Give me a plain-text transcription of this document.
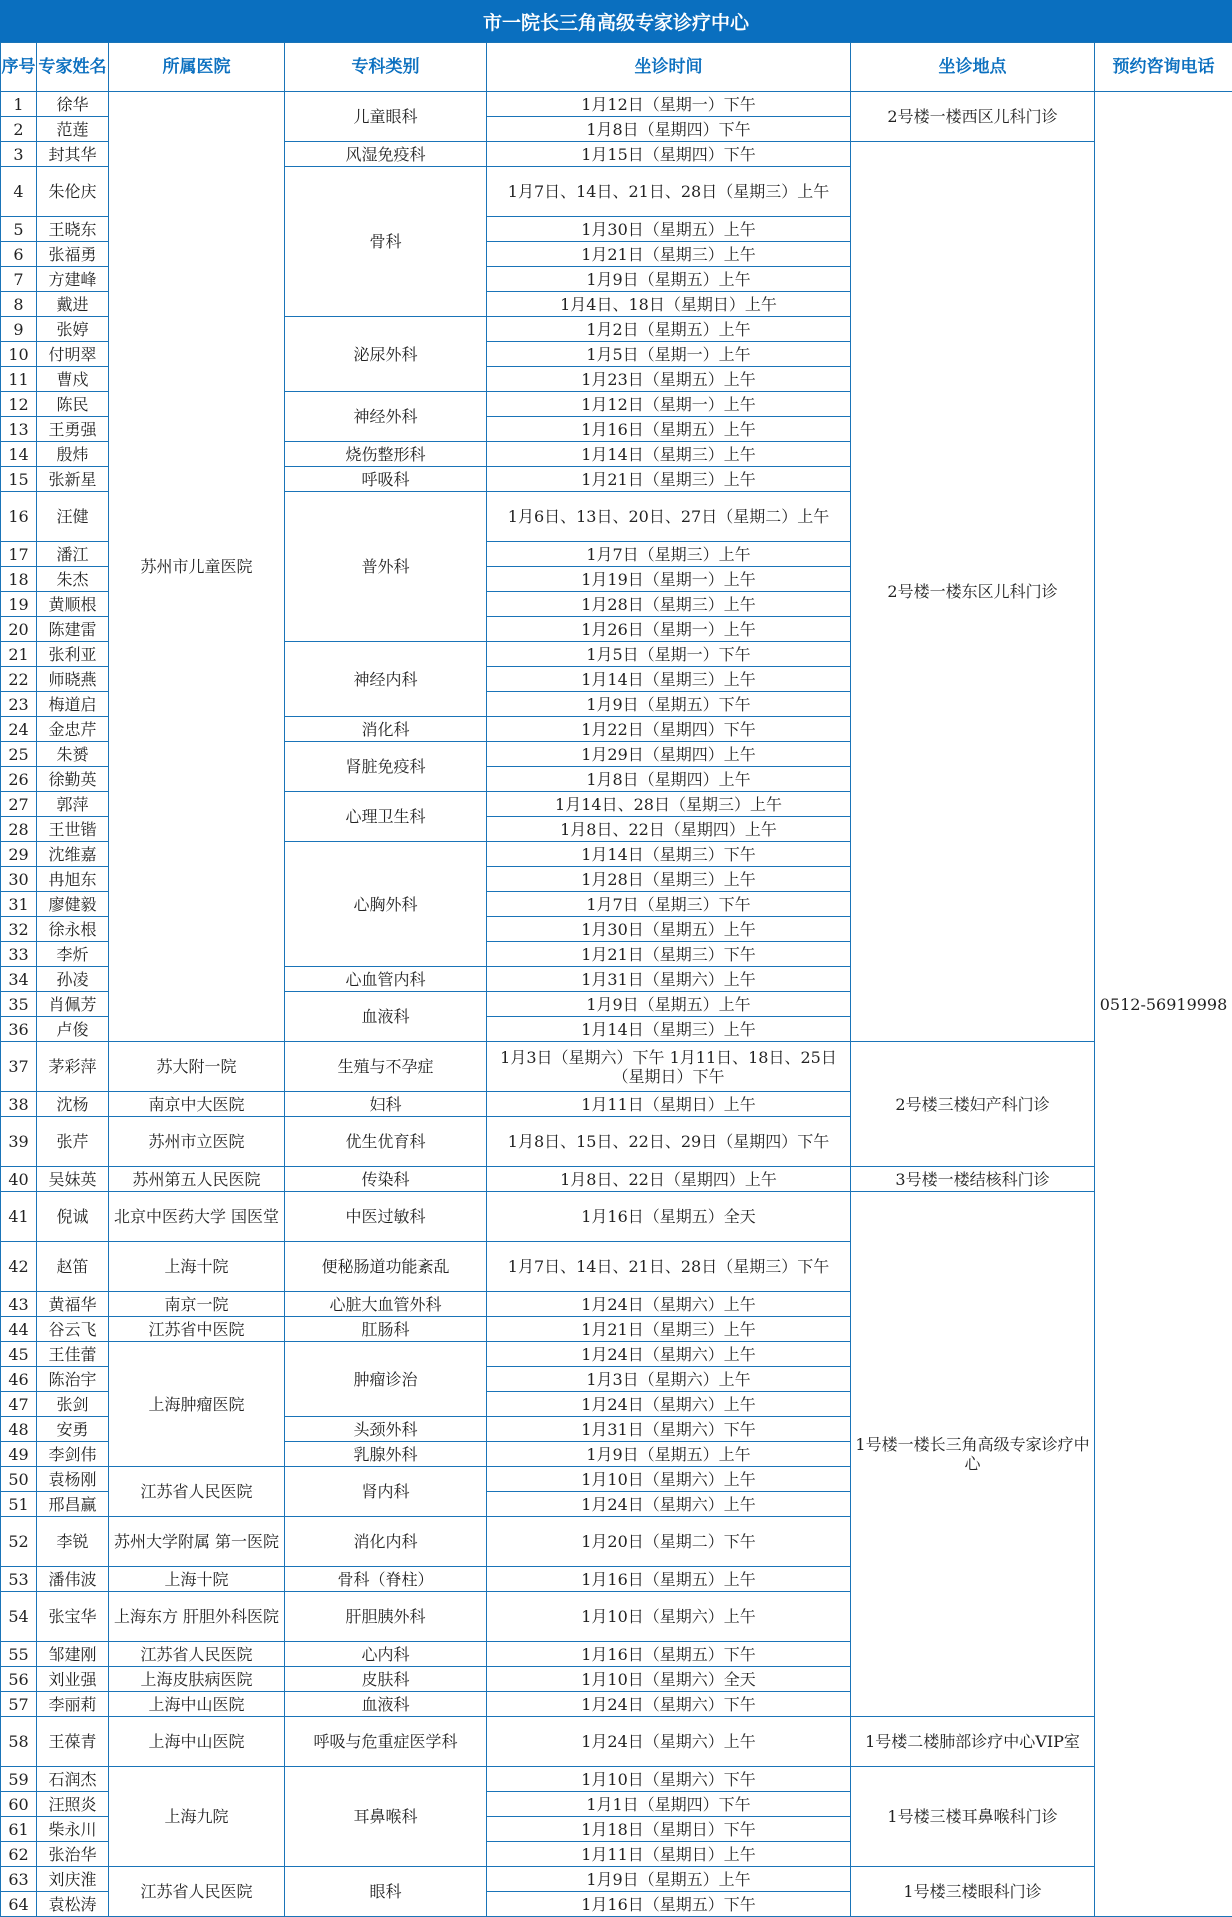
市一院长三角高级专家诊疗中心
序号	专家姓名	所属医院	专科类别	坐诊时间	坐诊地点	预约咨询电话
1	徐华	苏州市儿童医院	儿童眼科	1月12日（星期一）下午	2号楼一楼西区儿科门诊	0512-56919998
2	范莲			1月8日（星期四）下午		
3	封其华		风湿免疫科	1月15日（星期四）下午	2号楼一楼东区儿科门诊	
4	朱伦庆		骨科	1月7日、14日、21日、28日（星期三）上午		
5	王晓东			1月30日（星期五）上午		
6	张福勇			1月21日（星期三）上午		
7	方建峰			1月9日（星期五）上午		
8	戴进			1月4日、18日（星期日）上午		
9	张婷		泌尿外科	1月2日（星期五）上午		
10	付明翠			1月5日（星期一）上午		
11	曹戍			1月23日（星期五）上午		
12	陈民		神经外科	1月12日（星期一）上午		
13	王勇强			1月16日（星期五）上午		
14	殷炜		烧伤整形科	1月14日（星期三）上午		
15	张新星		呼吸科	1月21日（星期三）上午		
16	汪健		普外科	1月6日、13日、20日、27日（星期二）上午		
17	潘江			1月7日（星期三）上午		
18	朱杰			1月19日（星期一）上午		
19	黄顺根			1月28日（星期三）上午		
20	陈建雷			1月26日（星期一）上午		
21	张利亚		神经内科	1月5日（星期一）下午		
22	师晓燕			1月14日（星期三）上午		
23	梅道启			1月9日（星期五）下午		
24	金忠芹		消化科	1月22日（星期四）下午		
25	朱赟		肾脏免疫科	1月29日（星期四）上午		
26	徐勤英			1月8日（星期四）上午		
27	郭萍		心理卫生科	1月14日、28日（星期三）上午		
28	王世锴			1月8日、22日（星期四）上午		
29	沈维嘉		心胸外科	1月14日（星期三）下午		
30	冉旭东			1月28日（星期三）上午		
31	廖健毅			1月7日（星期三）下午		
32	徐永根			1月30日（星期五）上午		
33	李炘			1月21日（星期三）下午		
34	孙凌		心血管内科	1月31日（星期六）上午		
35	肖佩芳		血液科	1月9日（星期五）上午		
36	卢俊			1月14日（星期三）上午		
37	茅彩萍	苏大附一院	生殖与不孕症	1月3日（星期六）下午 1月11日、18日、25日（星期日）下午	2号楼三楼妇产科门诊	
38	沈杨	南京中大医院	妇科	1月11日（星期日）上午		
39	张芹	苏州市立医院	优生优育科	1月8日、15日、22日、29日（星期四）下午		
40	吴妹英	苏州第五人民医院	传染科	1月8日、22日（星期四）上午	3号楼一楼结核科门诊	
41	倪诚	北京中医药大学 国医堂	中医过敏科	1月16日（星期五）全天	1号楼一楼长三角高级专家诊疗中心	
42	赵笛	上海十院	便秘肠道功能紊乱	1月7日、14日、21日、28日（星期三）下午		
43	黄福华	南京一院	心脏大血管外科	1月24日（星期六）上午		
44	谷云飞	江苏省中医院	肛肠科	1月21日（星期三）上午		
45	王佳蕾	上海肿瘤医院	肿瘤诊治	1月24日（星期六）上午		
46	陈治宇			1月3日（星期六）上午		
47	张剑			1月24日（星期六）上午		
48	安勇		头颈外科	1月31日（星期六）下午		
49	李剑伟		乳腺外科	1月9日（星期五）上午		
50	袁杨刚	江苏省人民医院	肾内科	1月10日（星期六）上午		
51	邢昌赢			1月24日（星期六）上午		
52	李锐	苏州大学附属 第一医院	消化内科	1月20日（星期二）下午		
53	潘伟波	上海十院	骨科（脊柱）	1月16日（星期五）上午		
54	张宝华	上海东方 肝胆外科医院	肝胆胰外科	1月10日（星期六）上午		
55	邹建刚	江苏省人民医院	心内科	1月16日（星期五）下午		
56	刘业强	上海皮肤病医院	皮肤科	1月10日（星期六）全天		
57	李丽莉	上海中山医院	血液科	1月24日（星期六）下午		
58	王葆青	上海中山医院	呼吸与危重症医学科	1月24日（星期六）上午	1号楼二楼肺部诊疗中心VIP室	
59	石润杰	上海九院	耳鼻喉科	1月10日（星期六）下午	1号楼三楼耳鼻喉科门诊	
60	汪照炎			1月1日（星期四）下午		
61	柴永川			1月18日（星期日）下午		
62	张治华			1月11日（星期日）上午		
63	刘庆淮	江苏省人民医院	眼科	1月9日（星期五）上午	1号楼三楼眼科门诊	
64	袁松涛			1月16日（星期五）下午		
